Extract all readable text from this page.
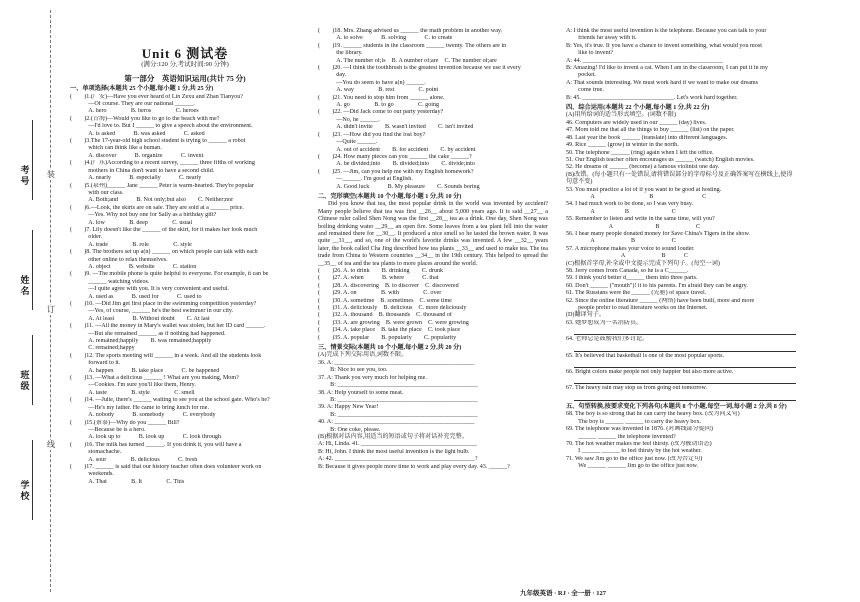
装
订
线
考号
姓名
班级
学校
Unit 6 测试卷
(满分:120 分,考试时间:90 分钟)
第一部分　英语知识运用(共计 75 分)
一、单项选择(本题共 25 个小题,每小题 1 分,共 25 分)
(　　)1.(广安)—Have you ever heard of Lin Zexu and Zhan Tianyou?
　　　—Of course. They are our national ______.
　　　A. hero　　　　B. heros　　　　C. heroes
(　　)2.(青海)—Would you like to go to the beach with me?
　　　—I'd love to. But I ______ to give a speech about the environment.
　　　A. is asked　　　B. was asked　　　C. asked
(　　)3.The 17-year-old high school student is trying to ______ a robot
　　　which can think like a human.
　　　A. discover　　　B. organize　　　C. invent
(　　)4.(广东)According to a recent survey, ______ three fifths of working
　　　mothers in China don't want to have a second child.
　　　A. nearly　　　B. especially　　　C. nearly
(　　)5.(泉州)______ Jane ______ Peter is warm-hearted. They're popular
　　　with our class.
　　　A. Both;and　　　B. Not only;but also　　C. Neither;nor
(　　)6.—Look, the skirts are on sale. They are sold at a ______ price.
　　　—Yes. Why not buy one for Sally as a birthday gift?
　　　A. low　　　　B. deep　　　　C. usual
(　　)7. Lily doesn't like the ______ of the skirt, for it makes her look much
　　　older.
　　　A. trade　　　　B. role　　　　C. style
(　　)8. The brothers set up a(n) ______ on which people can talk with each
　　　other online to relax themselves.
　　　A. object　　　B. website　　　C. station
(　　)9. —The mobile phone is quite helpful to everyone. For example, it can be
　　　______ watching videos.
　　　—I quite agree with you. It is very convenient and useful.
　　　A. used as　　　B. used for　　　C. used to
(　　)10. —Did Jim get first place in the swimming competition yesterday?
　　　—Yes, of course, ______ he's the best swimmer in our city.
　　　A. At least　　　B. Without doubt　　C. At last
(　　)11. —All the money in Mary's wallet was stolen, but her ID card ______.
　　　—But she remained ______ as if nothing had happened.
　　　A. remained;happily　　B. was remained;happily
　　　C. remained;happy
(　　)12. The sports meeting will ______ in a week. And all the students look
　　　forward to it.
　　　A. happen　　　B. take place　　　C. be happened
(　　)13. —What a delicious ______ ! What are you making, Mom?
　　　—Cookies. I'm sure you'll like them, Henry.
　　　A. taste　　　　B. style　　　　C. smell
(　　)14. —Julie, there's ______ waiting to see you at the school gate. Who's he?
　　　—He's my father. He came to bring lunch for me.
　　　A. nobody　　　B. somebody　　　C. everybody
(　　)15.(景泰)—Why do you ______ Bill?
　　　—Because he is a hero.
　　　A. look up to　　　B. look up　　　C. look through
(　　)16. The milk has turned ______. If you drink it, you will have a
　　　stomachache.
　　　A. sour　　　　B. delicious　　　C. fresh
(　　)17. ______ is said that our history teacher often does volunteer work on
　　　weekends.
　　　A. That　　　　B. It　　　　C. This
(　　)18. Mrs. Zhang advised us ______ the math problem in another way.
　　　A. to solve　　　B. solving　　　C. to create
(　　)19. ______ students in the classroom ______ twenty. The others are in
　　　the library.
　　　A. The number of;is　B. A number of;are　C. The number of;are
(　　)20. —I think the toothbrush is the greatest invention because we use it every
　　　day.
　　　—You do seem to have a(n) ______.
　　　A. way　　　　B. rest　　　　C. point
(　　)21. You need to stop him from ______ alone.
　　　A. go　　　　B. to go　　　　C. going
(　　)22. —Did Jack come to our party yesterday?
　　　—No, he ______.
　　　A. didn't invite　　B. wasn't invited　　C. isn't invited
(　　)23. —How did you find the lost boy?
　　　—Quite ______.
　　　A. out of accident　　B. for accident　　C. by accident
(　　)24. How many pieces can you ______ the cake ______?
　　　A. be divided;into　　B. divided;into　　C. divide;into
(　　)25. —Jim, can you help me with my English homework?
　　　—______. I'm good at English.
　　　A. Good luck　　　B. My pleasure　　C. Sounds boring
二、完形填空(本题共 10 个小题,每小题 1 分,共 10 分)
Did you know that tea, the most popular drink in the world was invented by accident? Many people believe that tea was first __26__ about 5,000 years ago. It is said __27__ a Chinese ruler called Shen Nong was the first __28__ tea as a drink. One day, Shen Nong was boiling drinking water __29__ an open fire. Some leaves from a tea plant fell into the water and remained there for __30__. It produced a nice smell so he tasted the brown water. It was quite __31__, and so, one of the world's favorite drinks was invented. A few __32__ years later, the book called Cha Jing described how tea plants __33__ and used to make tea. The tea trade from China to Western countries __34__ in the 19th century. This helped to spread the __35__ of tea and the tea plants to more places around the world.
(　　)26. A. to drink　　B. drinking　　C. drunk
(　　)27. A. when　　　B. where　　　C. that
(　　)28. A. discovering　B. to discover　C. discovered
(　　)29. A. on　　　　B. with　　　　C. over
(　　)30. A. sometime　B. sometimes　C. some time
(　　)31. A. deliciously　B. delicious　C. more deliciously
(　　)32. A. thousand　B. thousands　C. thousand of
(　　)33. A. are growing　B. were grown　C. were growing
(　　)34. A. take place　B. take the place　C. took place
(　　)35. A. popular　　B. popularly　　C. popularity
三、情景交际(本题共 10 个小题,每小题 2 分,共 20 分)
(A)完成下列交际用语,词数不限。
36. A: ______________________________________________
　　B: Nice to see you, too.
37. A: Thank you very much for helping me.
　　B: ______________________________________________
38. A: Help yourself to some meat.
　　B: ______________________________________________
39. A: Happy New Year!
　　B: ______________________________________________
40. A: ______________________________________________
　　B: One coke, please.
(B)根据对话内容,用适当的短语或句子将对话补充完整。
A: Hi, Linda. 41. ______________________________________
B: Hi, John. I think the most useful invention is the light bulb.
A: 42. ______________________________________________?
B: Because it gives people more time to work and play every day. 43. ______?
A: I think the most useful invention is the telephone. Because you can talk to your
　　friends far away with it.
B: Yes, it's true. If you have a chance to invent something, what would you most
　　like to invent?
A: 44. ______________________________________________
B: Amazing! I'd like to invent a cat. When I am in the classroom, I can put it in my
　　pocket.
A: That sounds interesting. We must work hard if we want to make our dreams
　　come true.
B: 45. ______________________________. Let's work hard together.
四、综合运用(本题共 22 个小题,每小题 1 分,共 22 分)
(A)用所给词的适当形式填空。(词数不限)
46. Computers are widely used in our ______ (day) lives.
47. Mom told me that all the things to buy ______ (list) on the paper.
48. Last year the book ______ (translate) into different languages.
49. Rice ______ (grow) in winter in the north.
50. The telephone ______ (ring) again when I left the office.
51. Our English teacher often encourages us ______ (watch) English movies.
52. He dreams of ______ (become) a famous violinist one day.
(B)改错。(每小题只有一处错误,请将错误部分的字母标号及正确答案写在横线上,使得句意不变)
53. You must practice a lot of if you want to be good at hosting.
　　　　A　　　　　　　　　B　　　　　　　　C
54. I had much work to be done, so I was very busy.
　　　　A　　　　　B　　　　　　　C
55. Remember to listen and write in the same time, will you?
　　　　　　　A　　　　　　　B　　　　　　C
56. I hear many people donated money for Save China's Tigers in the show.
　　　　A　　　　　　B　　　　　　C
57. A microphone makes your voice to sound louder.
　　　　　　　　　A　　　　　　B　　　C
(C)根据首字母,补全或中文提示完成下列句子。(每空一词)
58. Jerry comes from Canada, so he is a C______.
59. I think you'd better d______ them into three parts.
60. Don't ______ ("mouth")! it to his parents. I'm afraid they can be angry.
61. The Russians were the ______ (先驱) of space travel.
62. Since the online literature ______ (网络) have been built, more and more
　　people prefer to read literature works on the Internet.
(D)翻译句子。
63. 她梦想成为一名消防员。
64. 老师总是鼓励我们多讨论。
65. It's believed that basketball is one of the most popular sports.
66. Bright colors make people not only happier but also more active.
67. The heavy rain may stop us from going out tomorrow.
五、句型转换,按要求变化下列各句(本题共 8 个小题,每空一词,每小题 2 分,共 8 分)
68. The boy is so strong that he can carry the heavy box. (改为同义句)
　　The boy is ______ ______ to carry the heavy box.
69. The telephone was invented in 1876. (对画线部分提问)
　　______ ______ the telephone invented?
70. The hot weather makes me feel thirsty. (改为被动语态)
　　I ______ ______ to feel thirsty by the hot weather.
71. We saw Jim go to the office just now. (改为否定句)
　　We ______ ______ Jim go to the office just now.
九年级英语 · RJ · 全一册 · 127
